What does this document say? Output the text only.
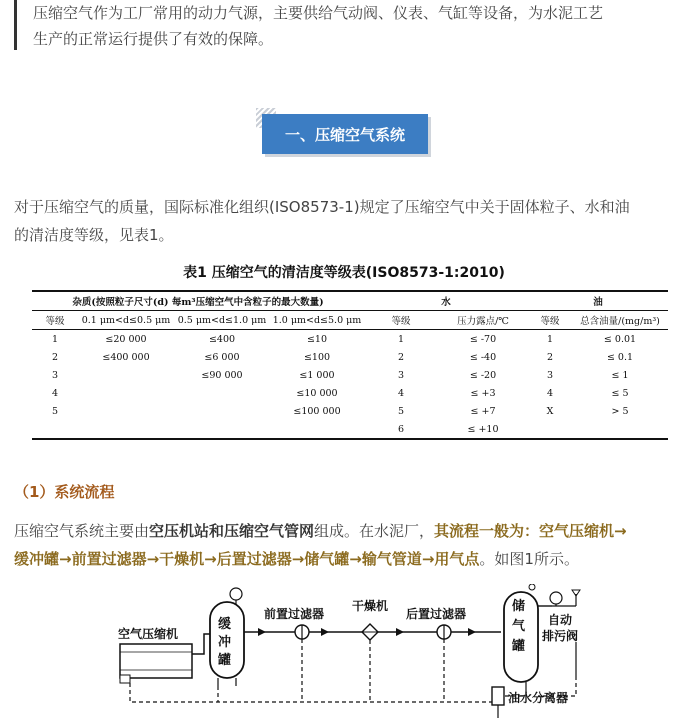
压缩空气作为工厂常用的动力气源，主要供给气动阀、仪表、气缸等设备，为水泥工艺
生产的正常运行提供了有效的保障。
一、压缩空气系统
对于压缩空气的质量，国际标准化组织(ISO8573-1)规定了压缩空气中关于固体粒子、水和油
的清洁度等级，见表1。
表1 压缩空气的清洁度等级表(ISO8573-1:2010)
杂质(按照粒子尺寸(d) 每m³压缩空气中含粒子的最大数量)				水		油	
等级	0.1 μm<d≤0.5 μm	0.5 μm<d≤1.0 μm	1.0 μm<d≤5.0 μm	等级	压力露点/℃	等级	总含油量/(mg/m³)
1	≤20 000	≤400	≤10	1	≤ -70	1	≤ 0.01
2	≤400 000	≤6 000	≤100	2	≤ -40	2	≤ 0.1
3		≤90 000	≤1 000	3	≤ -20	3	≤ 1
4			≤10 000	4	≤ +3	4	≤ 5
5			≤100 000	5	≤ +7	X	> 5
				6	≤ +10		
（1）系统流程
压缩空气系统主要由空压机站和压缩空气管网组成。在水泥厂，其流程一般为：空气压缩机→
缓冲罐→前置过滤器→干燥机→后置过滤器→储气罐→输气管道→用气点。如图1所示。
空气压缩机
缓
冲
罐
前置过滤器
干燥机
后置过滤器	储
气
罐
自动
排污阀
油水分离器
